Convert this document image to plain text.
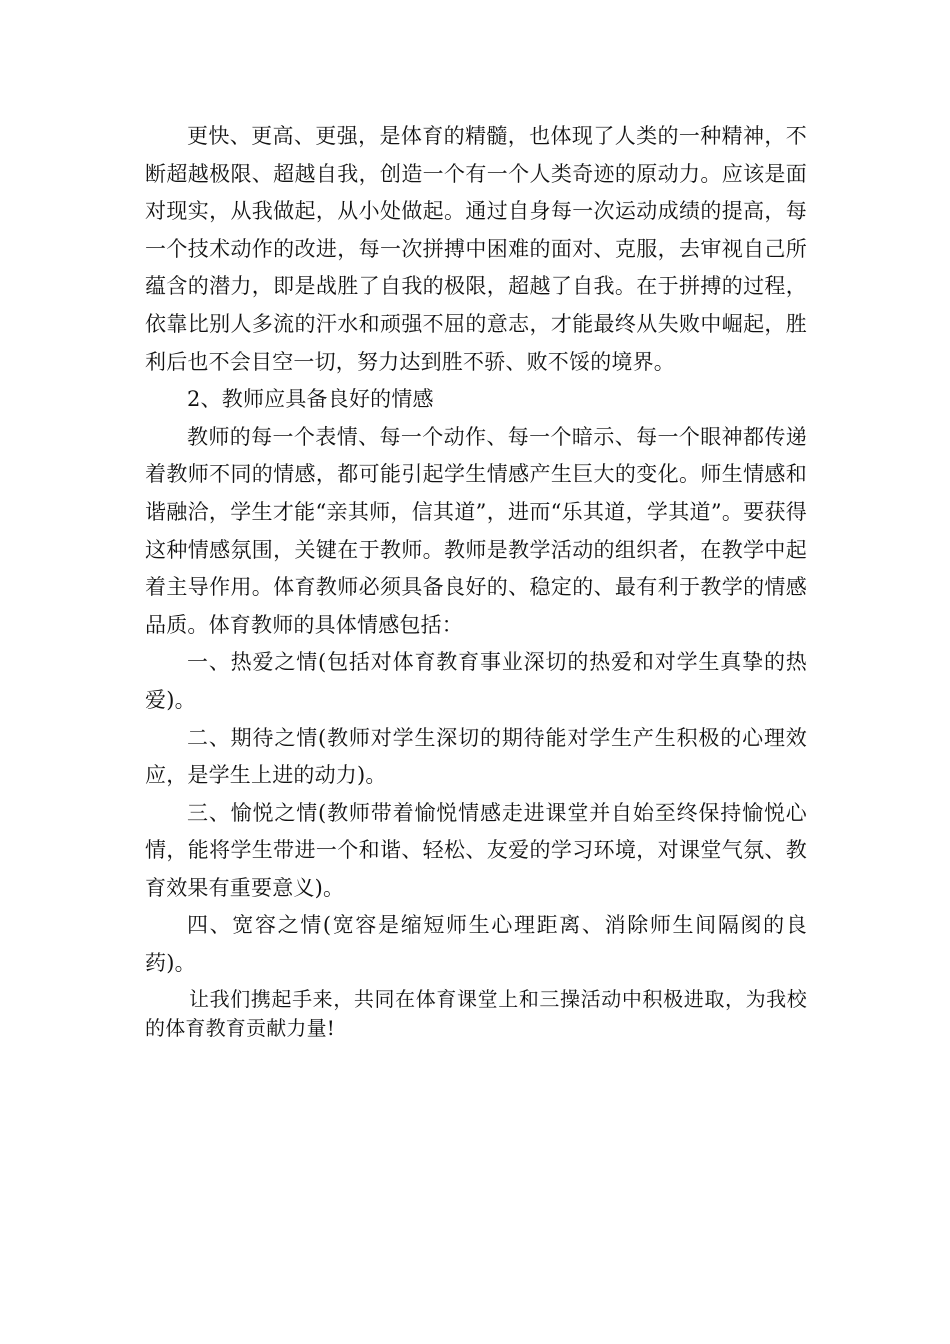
更快、更高、更强，是体育的精髓，也体现了人类的一种精神，不断超越极限、超越自我，创造一个有一个人类奇迹的原动力。应该是面对现实，从我做起，从小处做起。通过自身每一次运动成绩的提高，每一个技术动作的改进，每一次拼搏中困难的面对、克服，去审视自己所蕴含的潜力，即是战胜了自我的极限，超越了自我。在于拼搏的过程，依靠比别人多流的汗水和顽强不屈的意志，才能最终从失败中崛起，胜利后也不会目空一切，努力达到胜不骄、败不馁的境界。

2、教师应具备良好的情感

教师的每一个表情、每一个动作、每一个暗示、每一个眼神都传递着教师不同的情感，都可能引起学生情感产生巨大的变化。师生情感和谐融洽，学生才能“亲其师，信其道”，进而“乐其道，学其道”。要获得这种情感氛围，关键在于教师。教师是教学活动的组织者，在教学中起着主导作用。体育教师必须具备良好的、稳定的、最有利于教学的情感品质。体育教师的具体情感包括：

一、热爱之情(包括对体育教育事业深切的热爱和对学生真挚的热爱)。

二、期待之情(教师对学生深切的期待能对学生产生积极的心理效应，是学生上进的动力)。

三、愉悦之情(教师带着愉悦情感走进课堂并自始至终保持愉悦心情，能将学生带进一个和谐、轻松、友爱的学习环境，对课堂气氛、教育效果有重要意义)。

四、宽容之情(宽容是缩短师生心理距离、消除师生间隔阂的良药)。

让我们携起手来，共同在体育课堂上和三操活动中积极进取，为我校的体育教育贡献力量!
